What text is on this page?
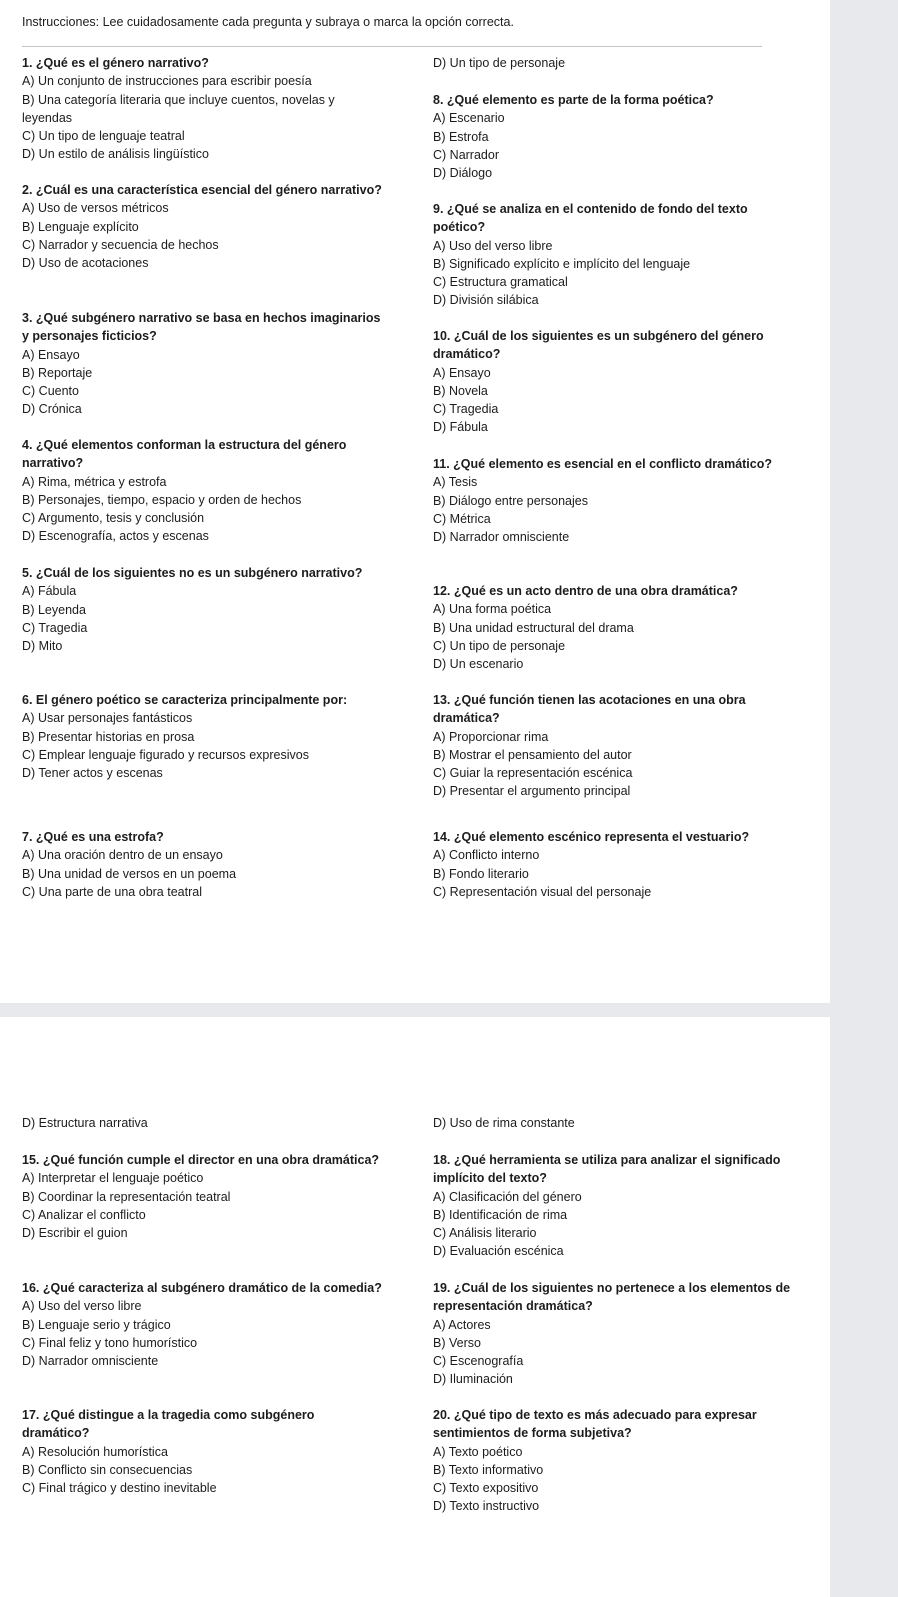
Instrucciones: Lee cuidadosamente cada pregunta y subraya o marca la opción correcta.
1. ¿Qué es el género narrativo?
A) Un conjunto de instrucciones para escribir poesía
B) Una categoría literaria que incluye cuentos, novelas y leyendas
C) Un tipo de lenguaje teatral
D) Un estilo de análisis lingüístico
2. ¿Cuál es una característica esencial del género narrativo?
A) Uso de versos métricos
B) Lenguaje explícito
C) Narrador y secuencia de hechos
D) Uso de acotaciones
3. ¿Qué subgénero narrativo se basa en hechos imaginarios y personajes ficticios?
A) Ensayo
B) Reportaje
C) Cuento
D) Crónica
4. ¿Qué elementos conforman la estructura del género narrativo?
A) Rima, métrica y estrofa
B) Personajes, tiempo, espacio y orden de hechos
C) Argumento, tesis y conclusión
D) Escenografía, actos y escenas
5. ¿Cuál de los siguientes no es un subgénero narrativo?
A) Fábula
B) Leyenda
C) Tragedia
D) Mito
6. El género poético se caracteriza principalmente por:
A) Usar personajes fantásticos
B) Presentar historias en prosa
C) Emplear lenguaje figurado y recursos expresivos
D) Tener actos y escenas
7. ¿Qué es una estrofa?
A) Una oración dentro de un ensayo
B) Una unidad de versos en un poema
C) Una parte de una obra teatral
D) Un tipo de personaje
8. ¿Qué elemento es parte de la forma poética?
A) Escenario
B) Estrofa
C) Narrador
D) Diálogo
9. ¿Qué se analiza en el contenido de fondo del texto poético?
A) Uso del verso libre
B) Significado explícito e implícito del lenguaje
C) Estructura gramatical
D) División silábica
10. ¿Cuál de los siguientes es un subgénero del género dramático?
A) Ensayo
B) Novela
C) Tragedia
D) Fábula
11. ¿Qué elemento es esencial en el conflicto dramático?
A) Tesis
B) Diálogo entre personajes
C) Métrica
D) Narrador omnisciente
12. ¿Qué es un acto dentro de una obra dramática?
A) Una forma poética
B) Una unidad estructural del drama
C) Un tipo de personaje
D) Un escenario
13. ¿Qué función tienen las acotaciones en una obra dramática?
A) Proporcionar rima
B) Mostrar el pensamiento del autor
C) Guiar la representación escénica
D) Presentar el argumento principal
14. ¿Qué elemento escénico representa el vestuario?
A) Conflicto interno
B) Fondo literario
C) Representación visual del personaje
D) Estructura narrativa
15. ¿Qué función cumple el director en una obra dramática?
A) Interpretar el lenguaje poético
B) Coordinar la representación teatral
C) Analizar el conflicto
D) Escribir el guion
16. ¿Qué caracteriza al subgénero dramático de la comedia?
A) Uso del verso libre
B) Lenguaje serio y trágico
C) Final feliz y tono humorístico
D) Narrador omnisciente
17. ¿Qué distingue a la tragedia como subgénero dramático?
A) Resolución humorística
B) Conflicto sin consecuencias
C) Final trágico y destino inevitable
D) Uso de rima constante
18. ¿Qué herramienta se utiliza para analizar el significado implícito del texto?
A) Clasificación del género
B) Identificación de rima
C) Análisis literario
D) Evaluación escénica
19. ¿Cuál de los siguientes no pertenece a los elementos de representación dramática?
A) Actores
B) Verso
C) Escenografía
D) Iluminación
20. ¿Qué tipo de texto es más adecuado para expresar sentimientos de forma subjetiva?
A) Texto poético
B) Texto informativo
C) Texto expositivo
D) Texto instructivo
